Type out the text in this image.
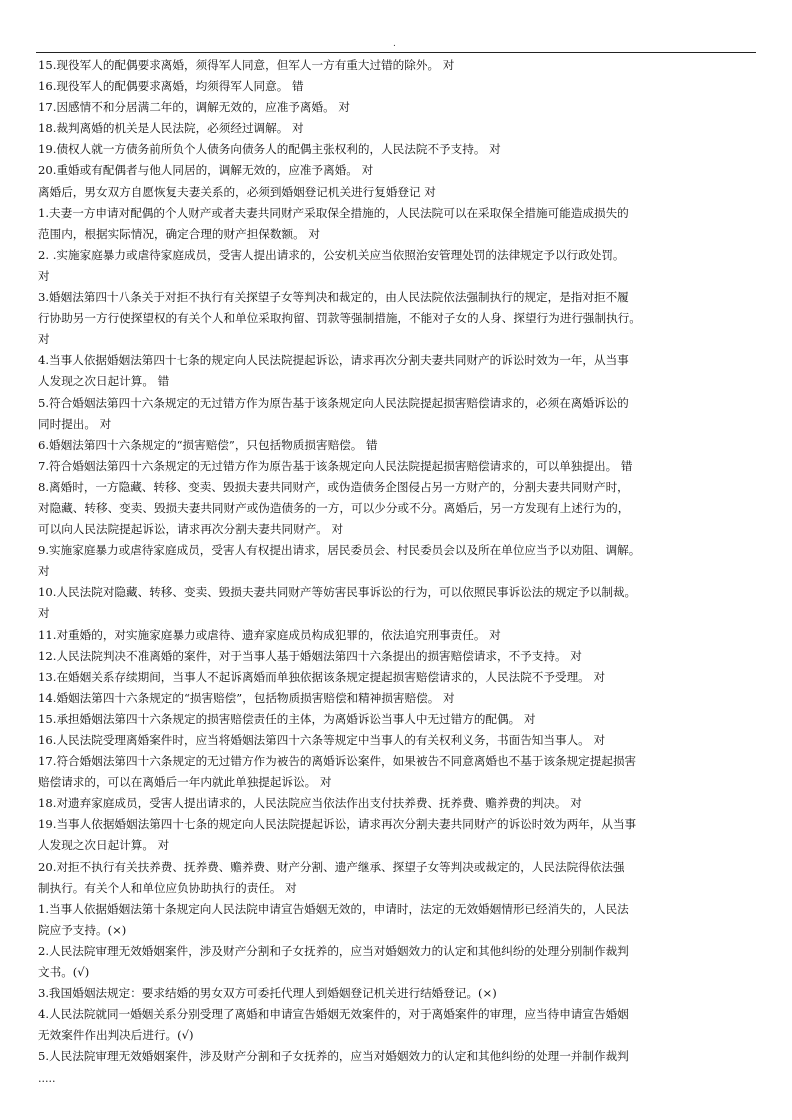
.
15.现役军人的配偶要求离婚，须得军人同意，但军人一方有重大过错的除外。 对
16.现役军人的配偶要求离婚，均须得军人同意。 错
17.因感情不和分居满二年的，调解无效的，应准予离婚。 对
18.裁判离婚的机关是人民法院，必须经过调解。 对
19.债权人就一方债务前所负个人债务向债务人的配偶主张权利的，人民法院不予支持。 对
20.重婚或有配偶者与他人同居的，调解无效的，应准予离婚。 对
离婚后，男女双方自愿恢复夫妻关系的，必须到婚姻登记机关进行复婚登记 对
1.夫妻一方申请对配偶的个人财产或者夫妻共同财产采取保全措施的，人民法院可以在采取保全措施可能造成损失的
范围内，根据实际情况，确定合理的财产担保数额。 对
2. .实施家庭暴力或虐待家庭成员，受害人提出请求的，公安机关应当依照治安管理处罚的法律规定予以行政处罚。
对
3.婚姻法第四十八条关于对拒不执行有关探望子女等判决和裁定的，由人民法院依法强制执行的规定，是指对拒不履
行协助另一方行使探望权的有关个人和单位采取拘留、罚款等强制措施，不能对子女的人身、探望行为进行强制执行。
对
4.当事人依据婚姻法第四十七条的规定向人民法院提起诉讼，请求再次分割夫妻共同财产的诉讼时效为一年，从当事
人发现之次日起计算。 错
5.符合婚姻法第四十六条规定的无过错方作为原告基于该条规定向人民法院提起损害赔偿请求的，必须在离婚诉讼的
同时提出。 对
6.婚姻法第四十六条规定的“损害赔偿”，只包括物质损害赔偿。 错
7.符合婚姻法第四十六条规定的无过错方作为原告基于该条规定向人民法院提起损害赔偿请求的，可以单独提出。 错
8.离婚时，一方隐藏、转移、变卖、毁损夫妻共同财产，或伪造债务企图侵占另一方财产的，分割夫妻共同财产时，
对隐藏、转移、变卖、毁损夫妻共同财产或伪造债务的一方，可以少分或不分。离婚后，另一方发现有上述行为的，
可以向人民法院提起诉讼，请求再次分割夫妻共同财产。 对
9.实施家庭暴力或虐待家庭成员，受害人有权提出请求，居民委员会、村民委员会以及所在单位应当予以劝阻、调解。
对
10.人民法院对隐藏、转移、变卖、毁损夫妻共同财产等妨害民事诉讼的行为，可以依照民事诉讼法的规定予以制裁。
对
11.对重婚的，对实施家庭暴力或虐待、遗弃家庭成员构成犯罪的，依法追究刑事责任。 对
12.人民法院判决不准离婚的案件，对于当事人基于婚姻法第四十六条提出的损害赔偿请求，不予支持。 对
13.在婚姻关系存续期间，当事人不起诉离婚而单独依据该条规定提起损害赔偿请求的，人民法院不予受理。 对
14.婚姻法第四十六条规定的“损害赔偿”，包括物质损害赔偿和精神损害赔偿。 对
15.承担婚姻法第四十六条规定的损害赔偿责任的主体，为离婚诉讼当事人中无过错方的配偶。 对
16.人民法院受理离婚案件时，应当将婚姻法第四十六条等规定中当事人的有关权利义务，书面告知当事人。 对
17.符合婚姻法第四十六条规定的无过错方作为被告的离婚诉讼案件，如果被告不同意离婚也不基于该条规定提起损害
赔偿请求的，可以在离婚后一年内就此单独提起诉讼。 对
18.对遗弃家庭成员，受害人提出请求的，人民法院应当依法作出支付扶养费、抚养费、赡养费的判决。 对
19.当事人依据婚姻法第四十七条的规定向人民法院提起诉讼，请求再次分割夫妻共同财产的诉讼时效为两年，从当事
人发现之次日起计算。 对
20.对拒不执行有关扶养费、抚养费、赡养费、财产分割、遗产继承、探望子女等判决或裁定的，人民法院得依法强
制执行。有关个人和单位应负协助执行的责任。 对
1.当事人依据婚姻法第十条规定向人民法院申请宣告婚姻无效的，申请时，法定的无效婚姻情形已经消失的，人民法
院应予支持。(×)
2.人民法院审理无效婚姻案件，涉及财产分割和子女抚养的，应当对婚姻效力的认定和其他纠纷的处理分别制作裁判
文书。(√)
3.我国婚姻法规定：要求结婚的男女双方可委托代理人到婚姻登记机关进行结婚登记。(×)
4.人民法院就同一婚姻关系分别受理了离婚和申请宣告婚姻无效案件的，对于离婚案件的审理，应当待申请宣告婚姻
无效案件作出判决后进行。(√)
5.人民法院审理无效婚姻案件，涉及财产分割和子女抚养的，应当对婚姻效力的认定和其他纠纷的处理一并制作裁判
.....
